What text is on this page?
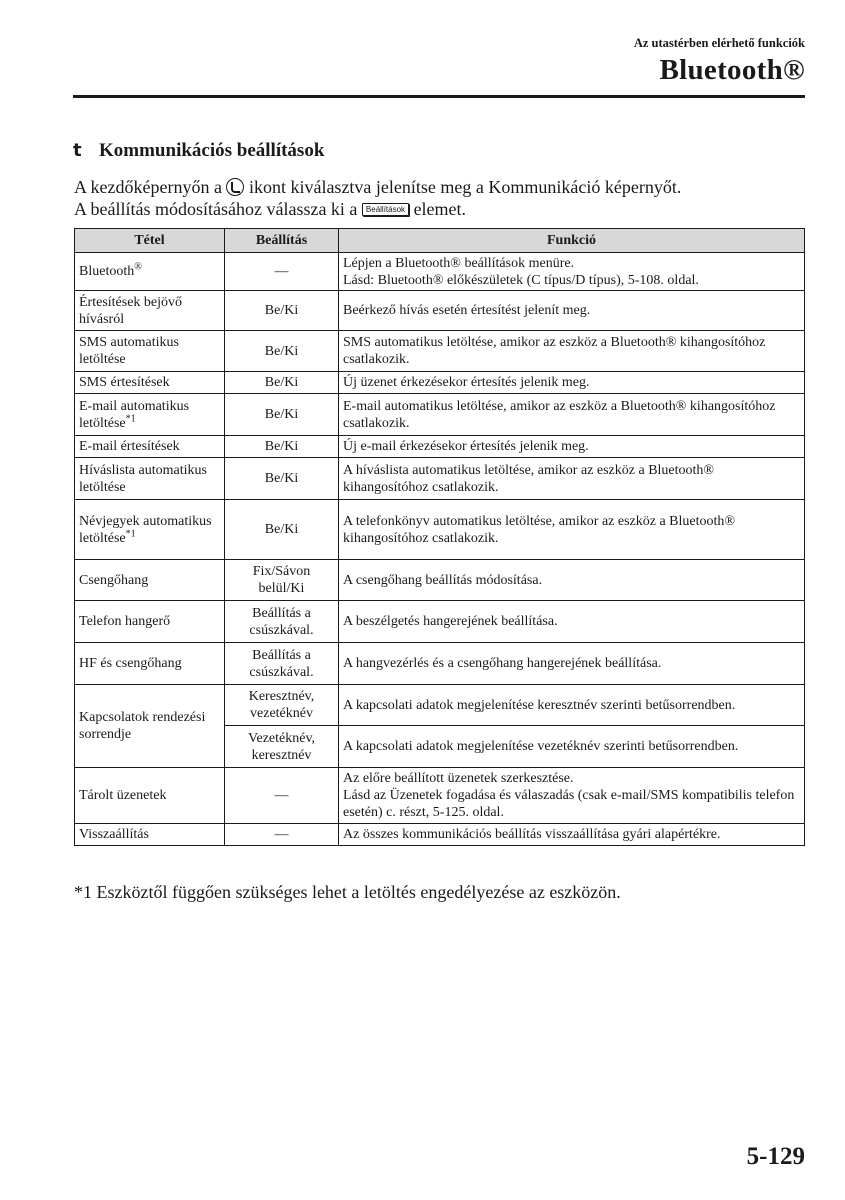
Az utastérben elérhető funkciók
Bluetooth®
t Kommunikációs beállítások
A kezdőképernyőn a ikont kiválasztva jelenítse meg a Kommunikáció képernyőt.
A beállítás módosításához válassza ki a Beállítások elemet.
Tétel	Beállítás	Funkció
Bluetooth®	—	Lépjen a Bluetooth® beállítások menüre.
Lásd: Bluetooth® előkészületek (C típus/D típus), 5-108. oldal.

Értesítések bejövő hívásról	Be/Ki	Beérkező hívás esetén értesítést jelenít meg.
SMS automatikus letöltése	Be/Ki	SMS automatikus letöltése, amikor az eszköz a Bluetooth® kihangosítóhoz csatlakozik.
SMS értesítések	Be/Ki	Új üzenet érkezésekor értesítés jelenik meg.
E-mail automatikus letöltése$^{*1}$	Be/Ki	E-mail automatikus letöltése, amikor az eszköz a Bluetooth® kihangosítóhoz csatlakozik.
E-mail értesítések	Be/Ki	Új e-mail érkezésekor értesítés jelenik meg.
Híváslista automatikus letöltése	Be/Ki	A híváslista automatikus letöltése, amikor az eszköz a Bluetooth® kihangosítóhoz csatlakozik.
Névjegyek automatikus letöltése$^{*1}$	Be/Ki	A telefonkönyv automatikus letöltése, amikor az eszköz a Bluetooth® kihangosítóhoz csatlakozik.
Csengőhang	Fix/Sávon belül/Ki	A csengőhang beállítás módosítása.
Telefon hangerő	Beállítás a csúszkával.	A beszélgetés hangerejének beállítása.
HF és csengőhang	Beállítás a csúszkával.	A hangvezérlés és a csengőhang hangerejének beállítása.
Kapcsolatok rendezési sorrendje	Keresztnév, vezetéknév	A kapcsolati adatok megjelenítése keresztnév szerinti betűsorrendben.
	Vezetéknév, keresztnév	A kapcsolati adatok megjelenítése vezetéknév szerinti betűsorrendben.
Tárolt üzenetek	—	Az előre beállított üzenetek szerkesztése.
Lásd az Üzenetek fogadása és válaszadás (csak e-mail/SMS kompatibilis telefon esetén) c. részt, 5-125. oldal.

Visszaállítás	—	Az összes kommunikációs beállítás visszaállítása gyári alapértékre.
*1 Eszköztől függően szükséges lehet a letöltés engedélyezése az eszközön.
5-129
